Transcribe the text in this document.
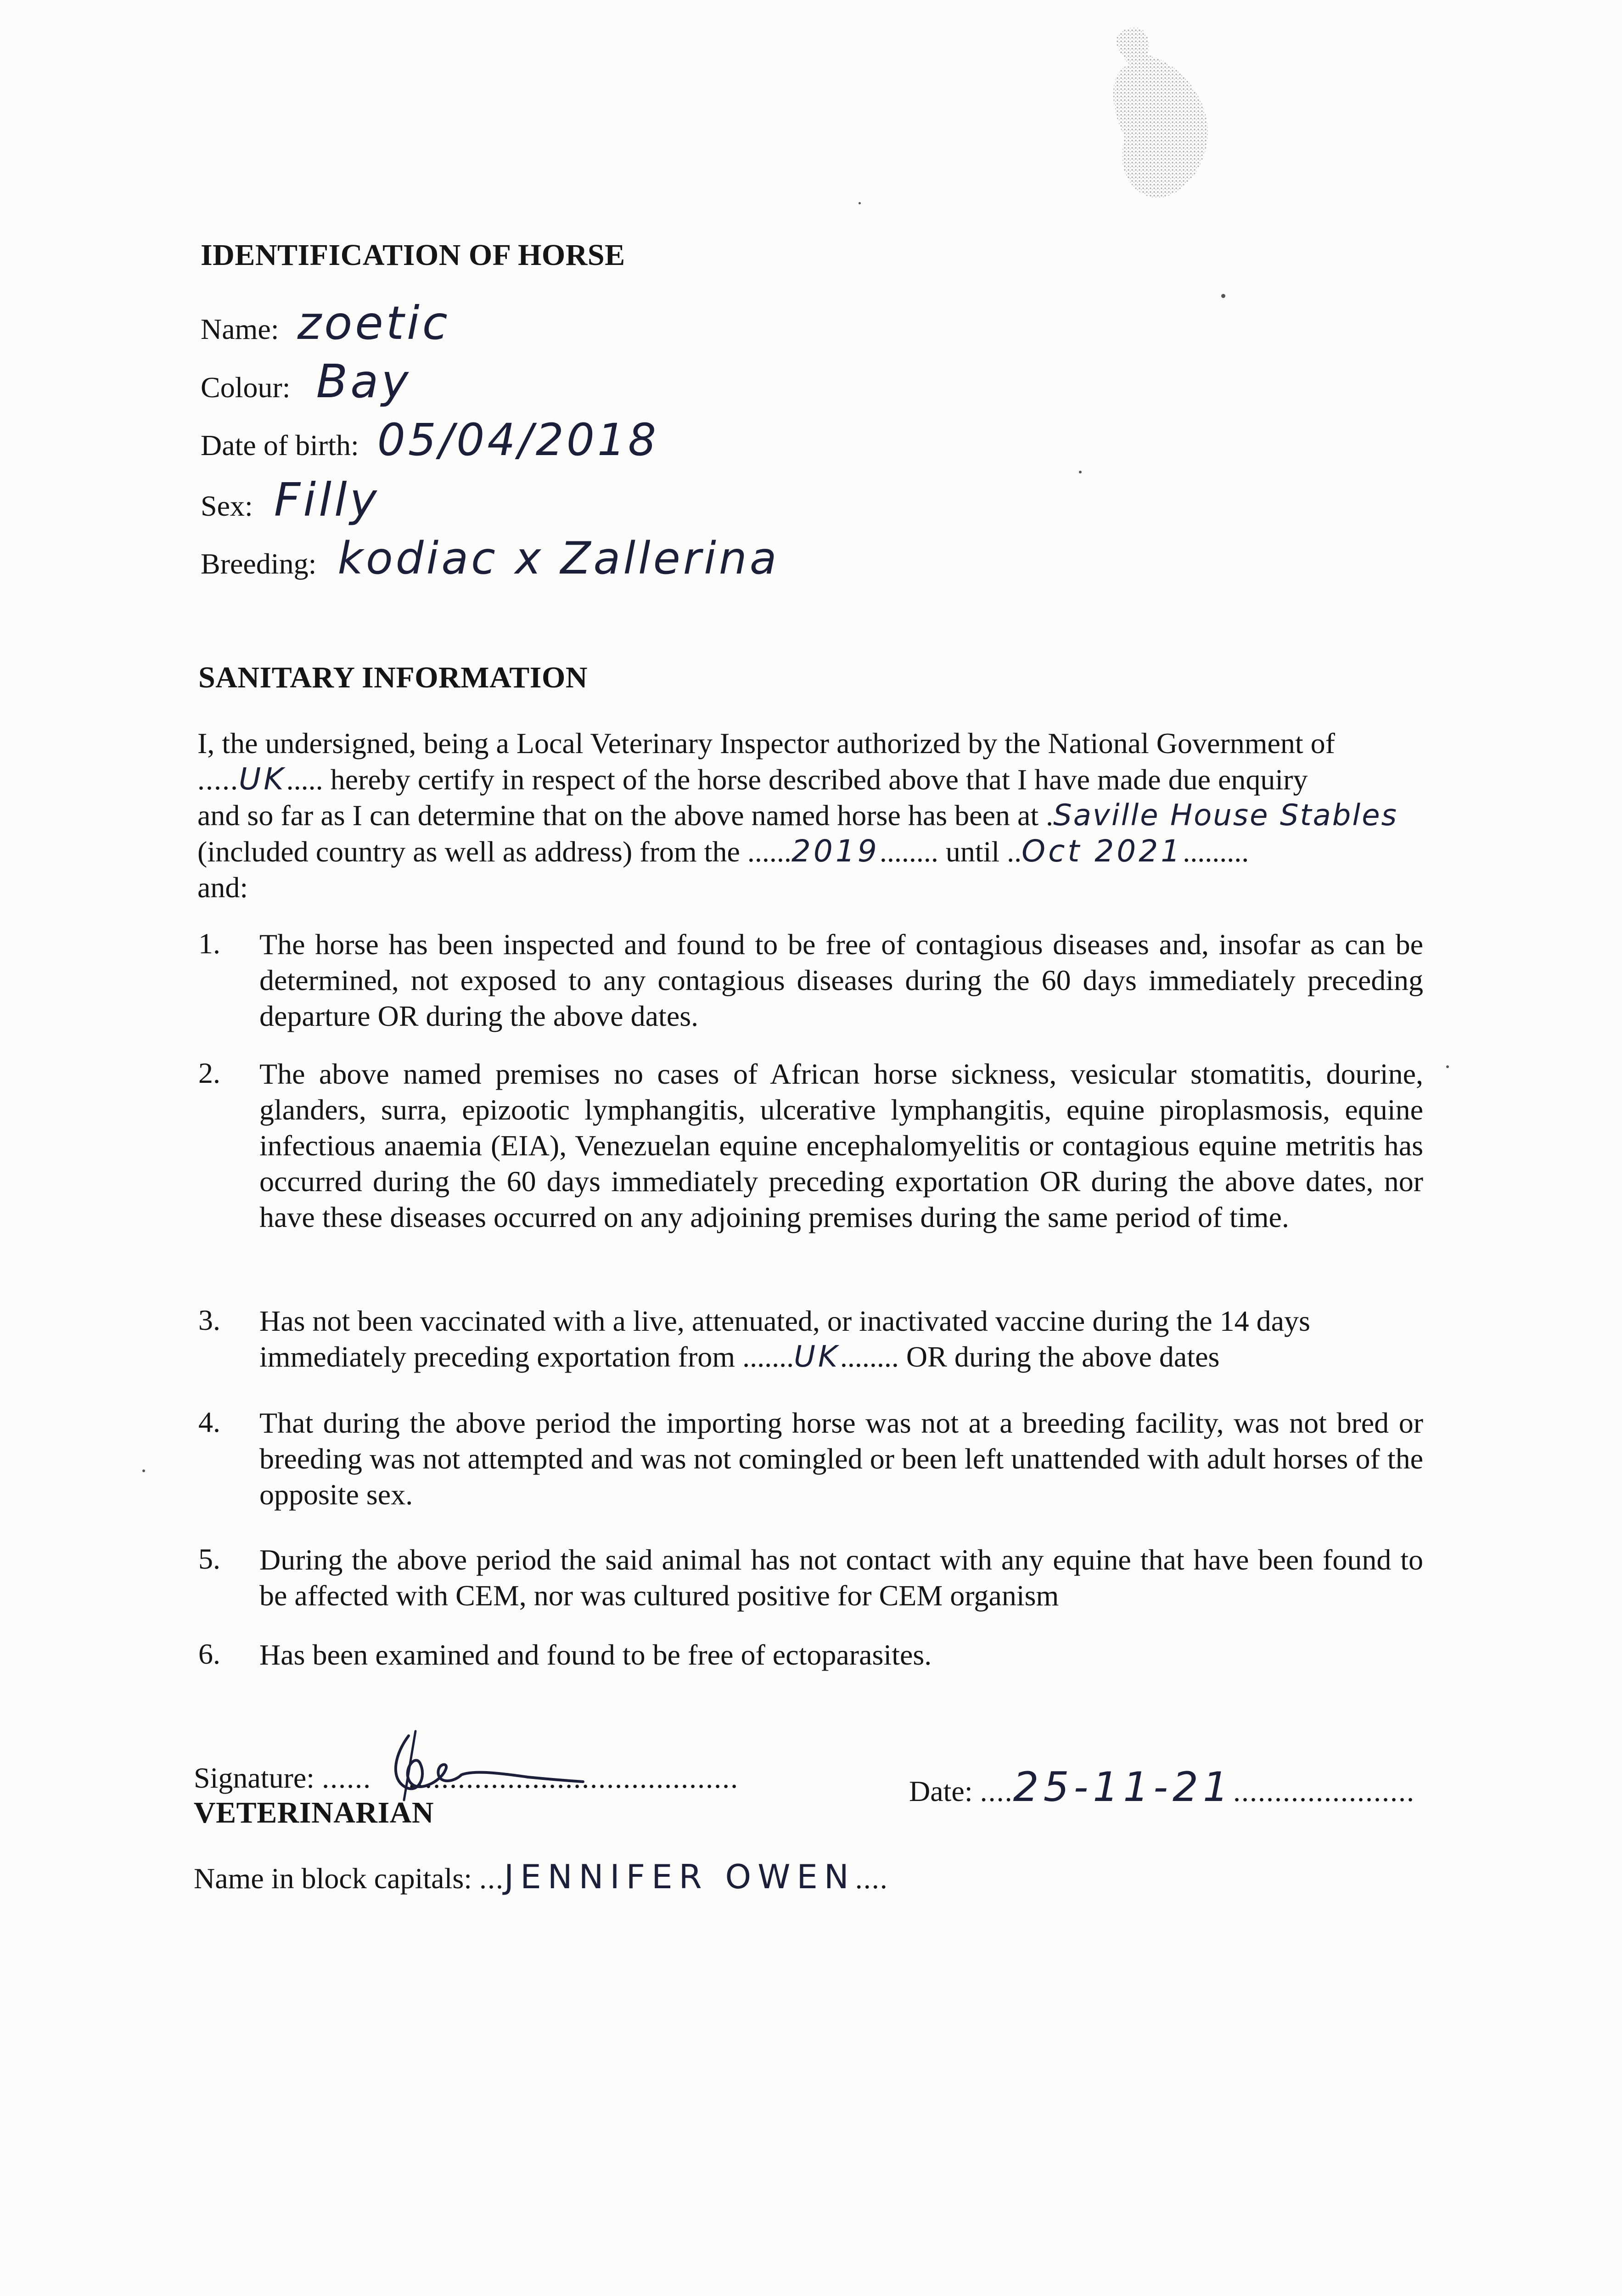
IDENTIFICATION OF HORSE
Name: zoetic
Colour: Bay
Date of birth: 05/04/2018
Sex: Filly
Breeding: kodiac x Zallerina
SANITARY INFORMATION
I, the undersigned, being a Local Veterinary Inspector authorized by the National Government of
.....UK..... hereby certify in respect of the horse described above that I have made due enquiry
and so far as I can determine that on the above named horse has been at .Saville House Stables
(included country as well as address) from the ......2019........ until ..Oct 2021.........
and:
1. The horse has been inspected and found to be free of contagious diseases and, insofar as can be determined, not exposed to any contagious diseases during the 60 days immediately preceding departure OR during the above dates.
2. The above named premises no cases of African horse sickness, vesicular stomatitis, dourine, glanders, surra, epizootic lymphangitis, ulcerative lymphangitis, equine piroplasmosis, equine infectious anaemia (EIA), Venezuelan equine encephalomyelitis or contagious equine metritis has occurred during the 60 days immediately preceding exportation OR during the above dates, nor have these diseases occurred on any adjoining premises during the same period of time.
3. Has not been vaccinated with a live, attenuated, or inactivated vaccine during the 14 days
immediately preceding exportation from .......UK........ OR during the above dates
4. That during the above period the importing horse was not at a breeding facility, was not bred or breeding was not attempted and was not comingled or been left unattended with adult horses of the opposite sex.
5. During the above period the said animal has not contact with any equine that have been found to be affected with CEM, nor was cultured positive for CEM organism
6. Has been examined and found to be free of ectoparasites.
Signature: ...... ........................................
VETERINARIAN
Date: ....25-11-21......................
Name in block capitals: ...JENNIFER OWEN....
